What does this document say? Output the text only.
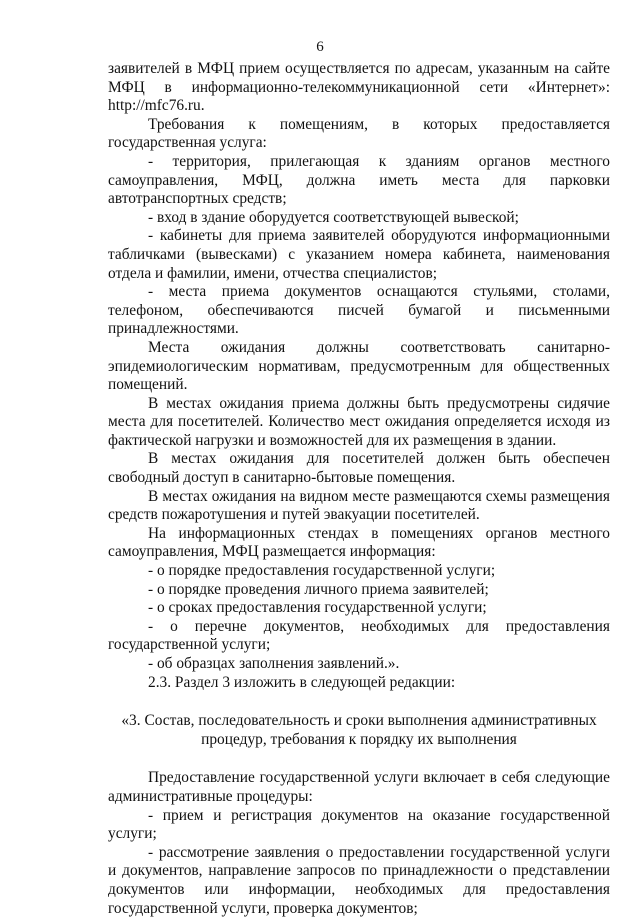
6

заявителей в МФЦ прием осуществляется по адресам, указанным на сайте МФЦ в информационно-телекоммуникационной сети «Интернет»: http://mfc76.ru.

Требования к помещениям, в которых предоставляется государственная услуга:

- территория, прилегающая к зданиям органов местного самоуправления, МФЦ, должна иметь места для парковки автотранспортных средств;

- вход в здание оборудуется соответствующей вывеской;

- кабинеты для приема заявителей оборудуются информационными табличками (вывесками) с указанием номера кабинета, наименования отдела и фамилии, имени, отчества специалистов;

- места приема документов оснащаются стульями, столами, телефоном, обеспечиваются писчей бумагой и письменными принадлежностями.

Места ожидания должны соответствовать санитарно-эпидемиологическим нормативам, предусмотренным для общественных помещений.

В местах ожидания приема должны быть предусмотрены сидячие места для посетителей. Количество мест ожидания определяется исходя из фактической нагрузки и возможностей для их размещения в здании.

В местах ожидания для посетителей должен быть обеспечен свободный доступ в санитарно-бытовые помещения.

В местах ожидания на видном месте размещаются схемы размещения средств пожаротушения и путей эвакуации посетителей.

На информационных стендах в помещениях органов местного самоуправления, МФЦ размещается информация:

- о порядке предоставления государственной услуги;

- о порядке проведения личного приема заявителей;

- о сроках предоставления государственной услуги;

- о перечне документов, необходимых для предоставления государственной услуги;

- об образцах заполнения заявлений.».

2.3. Раздел 3 изложить в следующей редакции:

«3. Состав, последовательность и сроки выполнения административных
процедур, требования к порядку их выполнения

Предоставление государственной услуги включает в себя следующие административные процедуры:

- прием и регистрация документов на оказание государственной услуги;

- рассмотрение заявления о предоставлении государственной услуги и документов, направление запросов по принадлежности о представлении документов или информации, необходимых для предоставления государственной услуги, проверка документов;
